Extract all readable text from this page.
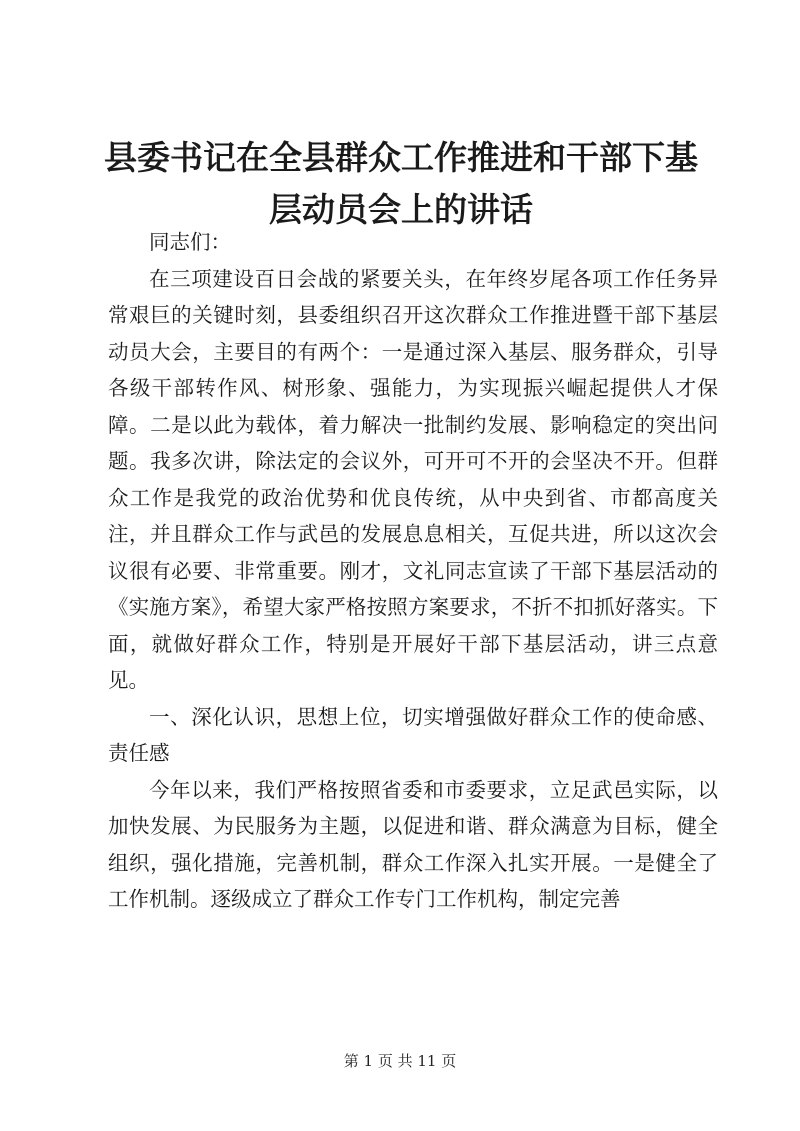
县委书记在全县群众工作推进和干部下基层动员会上的讲话

同志们：

在三项建设百日会战的紧要关头，在年终岁尾各项工作任务异常艰巨的关键时刻，县委组织召开这次群众工作推进暨干部下基层动员大会，主要目的有两个：一是通过深入基层、服务群众，引导各级干部转作风、树形象、强能力，为实现振兴崛起提供人才保障。二是以此为载体，着力解决一批制约发展、影响稳定的突出问题。我多次讲，除法定的会议外，可开可不开的会坚决不开。但群众工作是我党的政治优势和优良传统，从中央到省、市都高度关注，并且群众工作与武邑的发展息息相关，互促共进，所以这次会议很有必要、非常重要。刚才，文礼同志宣读了干部下基层活动的《实施方案》，希望大家严格按照方案要求，不折不扣抓好落实。下面，就做好群众工作，特别是开展好干部下基层活动，讲三点意见。

一、深化认识，思想上位，切实增强做好群众工作的使命感、责任感

今年以来，我们严格按照省委和市委要求，立足武邑实际，以加快发展、为民服务为主题，以促进和谐、群众满意为目标，健全组织，强化措施，完善机制，群众工作深入扎实开展。一是健全了工作机制。逐级成立了群众工作专门工作机构，制定完善

第 1 页 共 11 页
